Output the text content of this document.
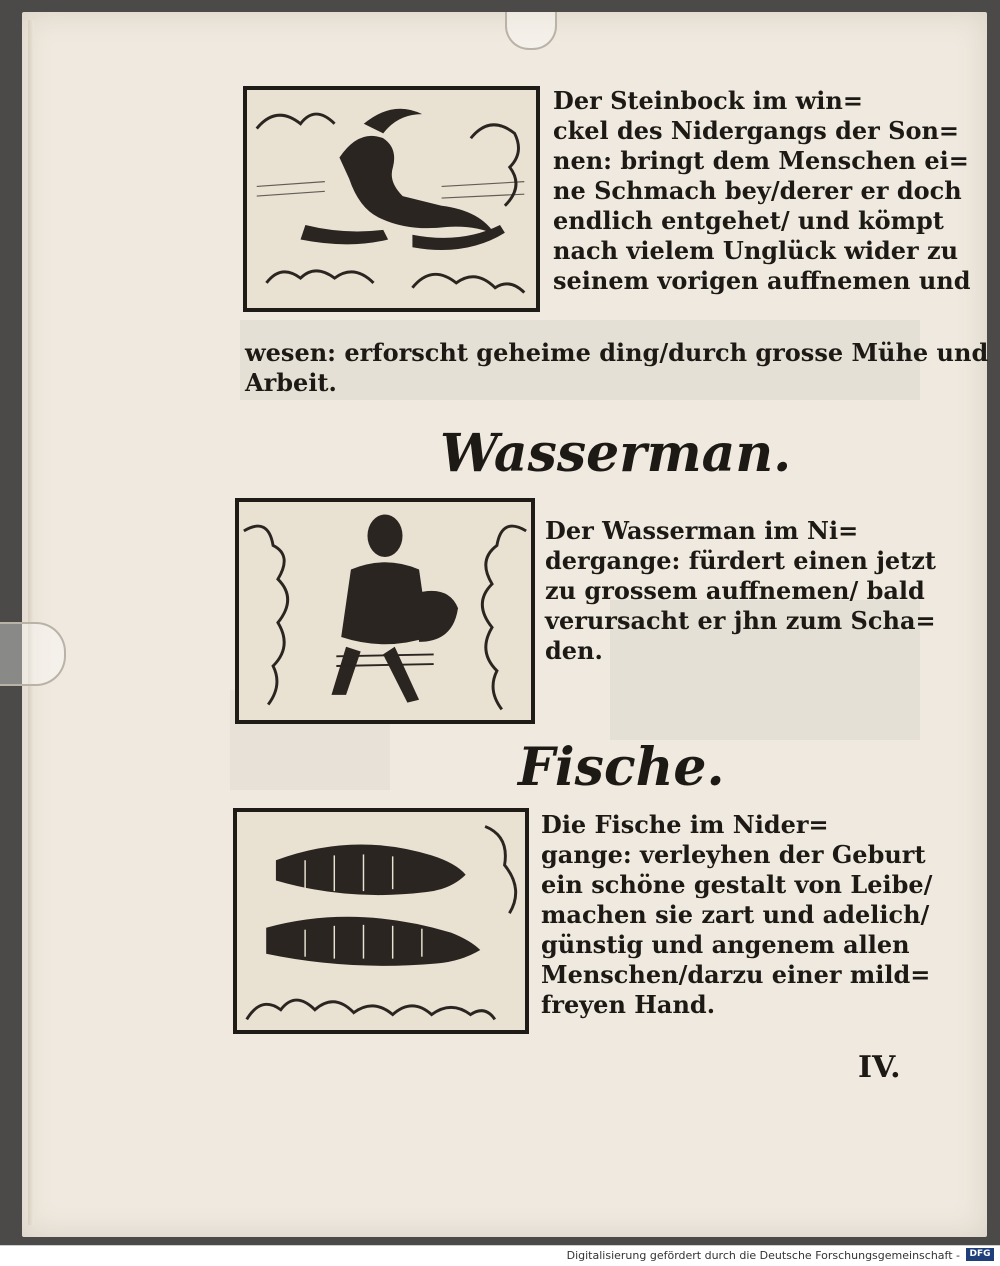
Der Steinbock im win=
ckel des Nidergangs der Son=
nen: bringt dem Menschen ei=
ne Schmach bey/derer er doch
endlich entgehet/ und kömpt
nach vielem Unglück wider zu
seinem vorigen auffnemen und
wesen: erforscht geheime ding/durch grosse Mühe und
Arbeit.
Wasserman.
Der Wasserman im Ni=
dergange: fürdert einen jetzt
zu grossem auffnemen/ bald
verursacht er jhn zum Scha=
den.
Fische.
Die Fische im Nider=
gange: verleyhen der Geburt
ein schöne gestalt von Leibe/
machen sie zart und adelich/
günstig und angenem allen
Menschen/darzu einer mild=
freyen Hand.
IV.
Digitalisierung gefördert durch die Deutsche Forschungsgemeinschaft -	DFG
